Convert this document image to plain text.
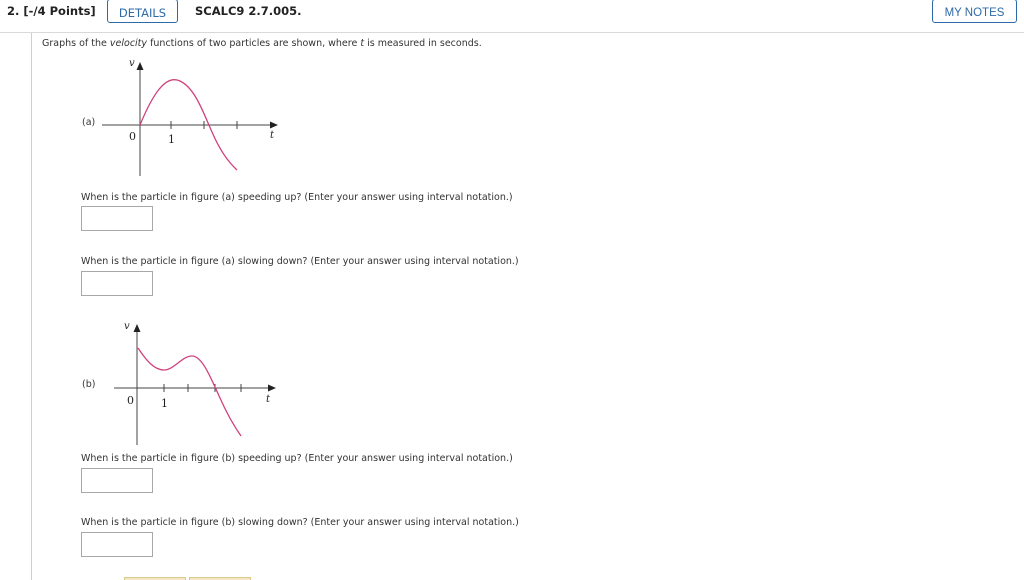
2. [-/4 Points]	DETAILS	SCALC9 2.7.005.	MY NOTES
Graphs of the velocity functions of two particles are shown, where t is measured in seconds.
(a)
v
0	1	t
When is the particle in figure (a) speeding up? (Enter your answer using interval notation.)
When is the particle in figure (a) slowing down? (Enter your answer using interval notation.)
(b)
v
0 1	t
When is the particle in figure (b) speeding up? (Enter your answer using interval notation.)
When is the particle in figure (b) slowing down? (Enter your answer using interval notation.)
